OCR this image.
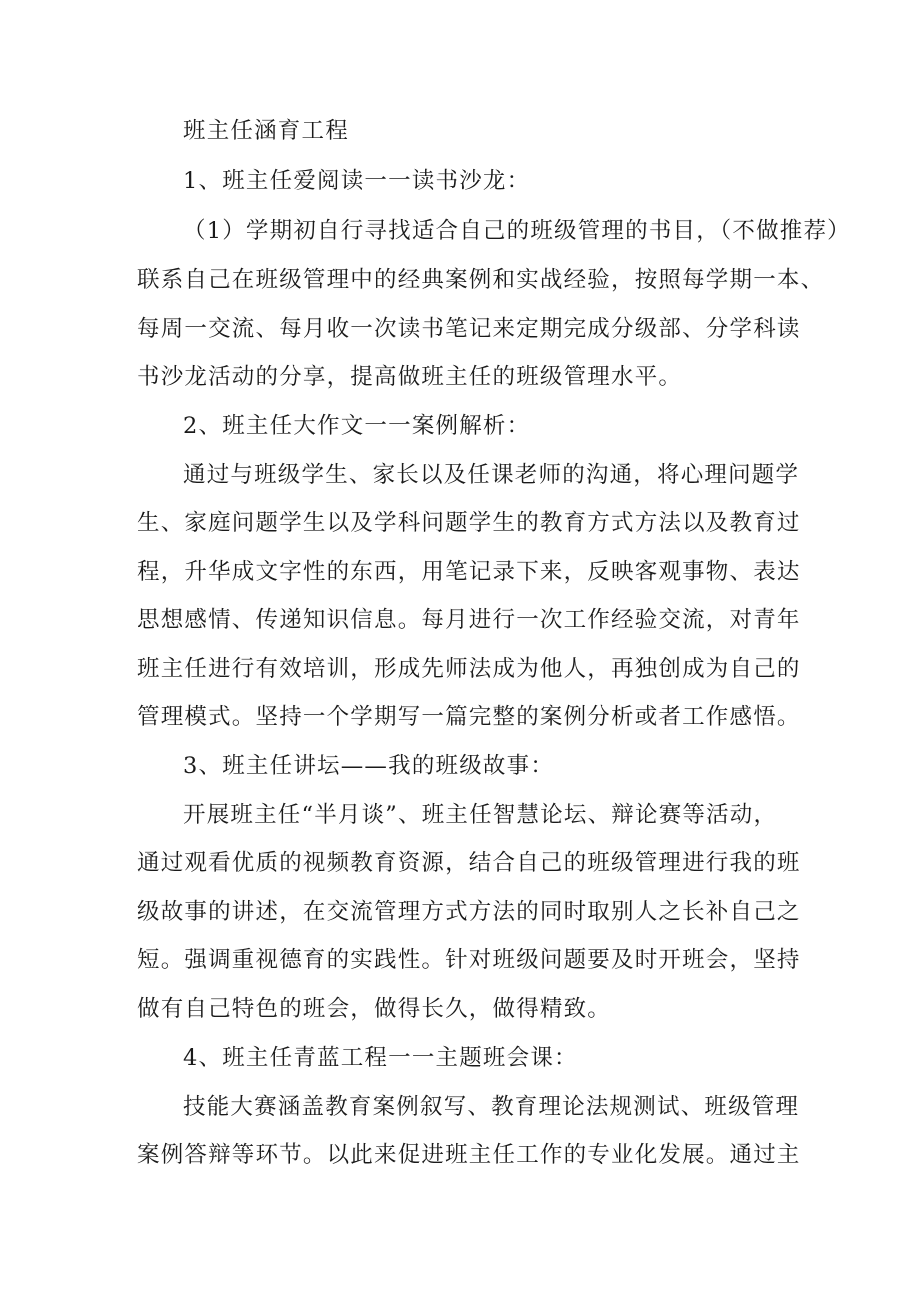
班主任涵育工程
1、班主任爱阅读一一读书沙龙：
（1）学期初自行寻找适合自己的班级管理的书目，（不做推荐）
联系自己在班级管理中的经典案例和实战经验，按照每学期一本、
每周一交流、每月收一次读书笔记来定期完成分级部、分学科读
书沙龙活动的分享，提高做班主任的班级管理水平。
2、班主任大作文一一案例解析：
通过与班级学生、家长以及任课老师的沟通，将心理问题学
生、家庭问题学生以及学科问题学生的教育方式方法以及教育过
程，升华成文字性的东西，用笔记录下来，反映客观事物、表达
思想感情、传递知识信息。每月进行一次工作经验交流，对青年
班主任进行有效培训，形成先师法成为他人，再独创成为自己的
管理模式。坚持一个学期写一篇完整的案例分析或者工作感悟。
3、班主任讲坛——我的班级故事：
开展班主任“半月谈”、班主任智慧论坛、辩论赛等活动，
通过观看优质的视频教育资源，结合自己的班级管理进行我的班
级故事的讲述，在交流管理方式方法的同时取别人之长补自己之
短。强调重视德育的实践性。针对班级问题要及时开班会，坚持
做有自己特色的班会，做得长久，做得精致。
4、班主任青蓝工程一一主题班会课：
技能大赛涵盖教育案例叙写、教育理论法规测试、班级管理
案例答辩等环节。以此来促进班主任工作的专业化发展。通过主
